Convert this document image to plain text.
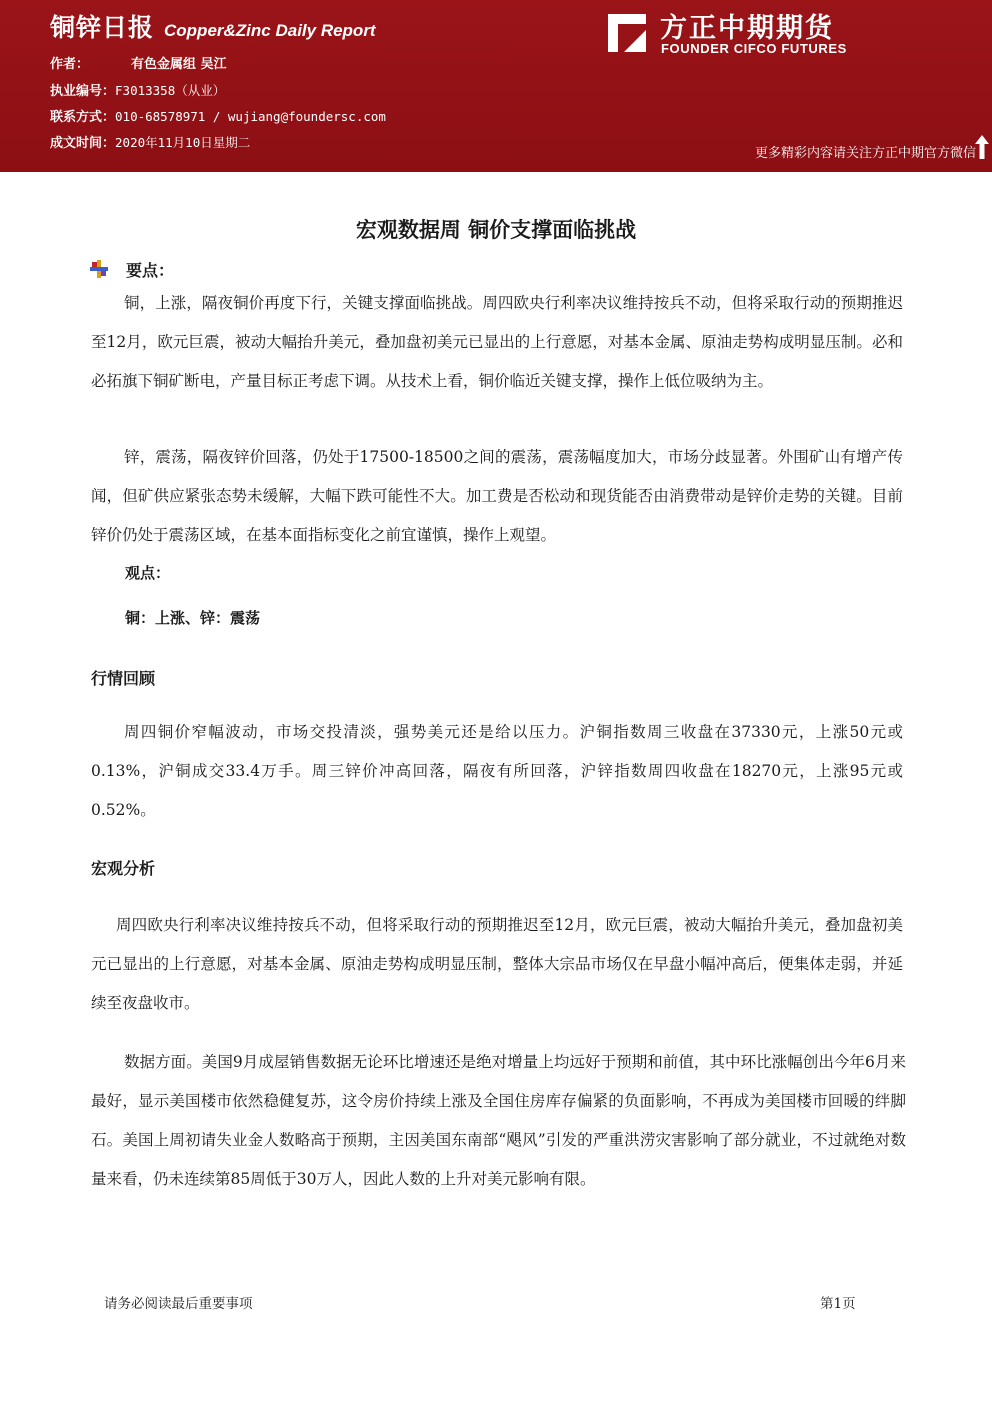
铜锌日报 Copper&Zinc Daily Report
作者：	有色金属组 吴江
执业编号：F3013358（从业）
联系方式：010-68578971 / wujiang@foundersc.com
成文时间：2020年11月10日星期二
方正中期期货
FOUNDER CIFCO FUTURES
更多精彩内容请关注方正中期官方微信
宏观数据周 铜价支撑面临挑战
要点：
铜，上涨，隔夜铜价再度下行，关键支撑面临挑战。周四欧央行利率决议维持按兵不动，但将采取行动的预期推迟至12月，欧元巨震，被动大幅抬升美元，叠加盘初美元已显出的上行意愿，对基本金属、原油走势构成明显压制。必和必拓旗下铜矿断电，产量目标正考虑下调。从技术上看，铜价临近关键支撑，操作上低位吸纳为主。
锌，震荡，隔夜锌价回落，仍处于17500-18500之间的震荡，震荡幅度加大，市场分歧显著。外围矿山有增产传闻，但矿供应紧张态势未缓解，大幅下跌可能性不大。加工费是否松动和现货能否由消费带动是锌价走势的关键。目前锌价仍处于震荡区域，在基本面指标变化之前宜谨慎，操作上观望。
观点：
铜：上涨、锌：震荡
行情回顾
周四铜价窄幅波动，市场交投清淡，强势美元还是给以压力。沪铜指数周三收盘在37330元，上涨50元或0.13%，沪铜成交33.4万手。周三锌价冲高回落，隔夜有所回落，沪锌指数周四收盘在18270元，上涨95元或0.52%。
宏观分析
周四欧央行利率决议维持按兵不动，但将采取行动的预期推迟至12月，欧元巨震，被动大幅抬升美元，叠加盘初美元已显出的上行意愿，对基本金属、原油走势构成明显压制，整体大宗品市场仅在早盘小幅冲高后，便集体走弱，并延续至夜盘收市。
数据方面。美国9月成屋销售数据无论环比增速还是绝对增量上均远好于预期和前值，其中环比涨幅创出今年6月来最好，显示美国楼市依然稳健复苏，这令房价持续上涨及全国住房库存偏紧的负面影响，不再成为美国楼市回暖的绊脚石。美国上周初请失业金人数略高于预期，主因美国东南部“飓风”引发的严重洪涝灾害影响了部分就业，不过就绝对数量来看，仍未连续第85周低于30万人，因此人数的上升对美元影响有限。
请务必阅读最后重要事项	第1页
